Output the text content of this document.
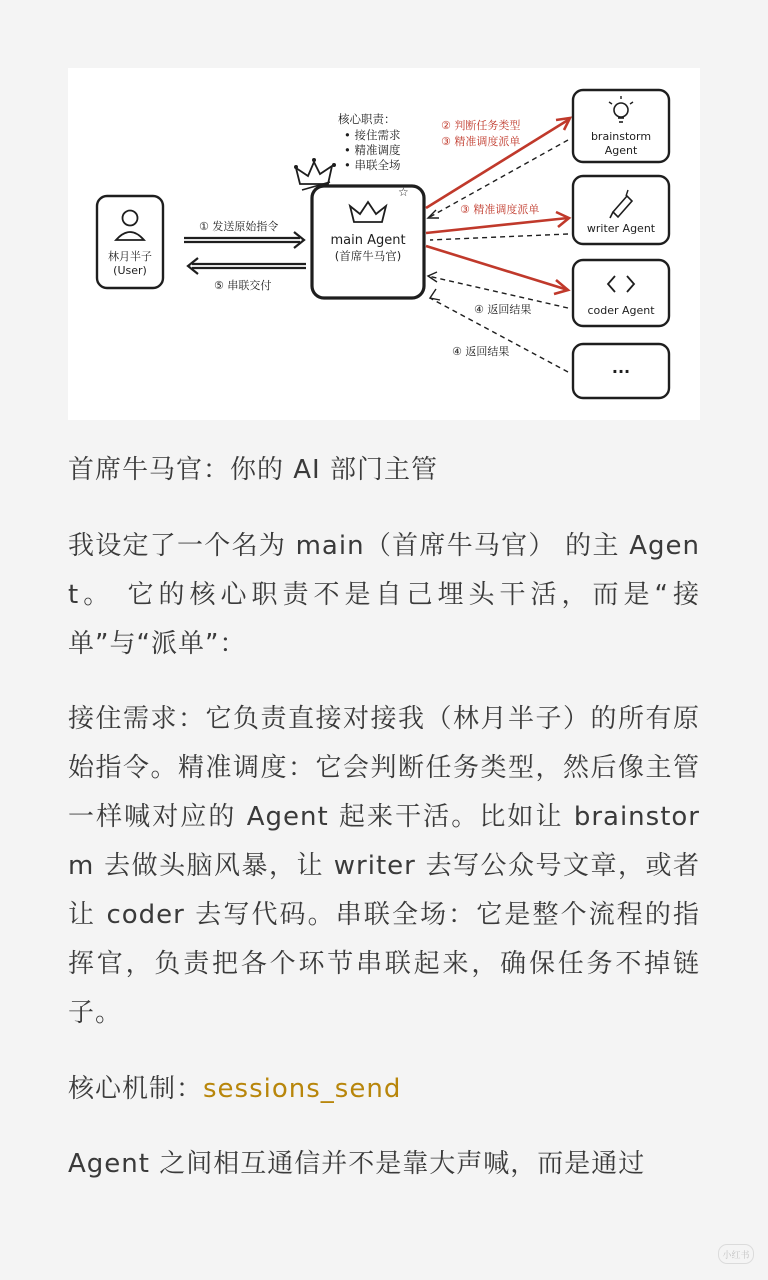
核心职责：
• 接住需求
• 精准调度
• 串联全场
林月半子
(User)
① 发送原始指令
⑤ 串联交付
☆
main Agent
(首席牛马官)
② 判断任务类型
③ 精准调度派单
③ 精准调度派单
④ 返回结果
④ 返回结果
brainstorm
Agent
writer Agent
coder Agent
...

首席牛马官：你的 AI 部门主管

我设定了一个名为 main（首席牛马官） 的主 Agent。 它的核心职责不是自己埋头干活，而是“接单”与“派单”：

接住需求：它负责直接对接我（林月半子）的所有原始指令。精准调度：它会判断任务类型，然后像主管一样喊对应的 Agent 起来干活。比如让 brainstorm 去做头脑风暴，让 writer 去写公众号文章，或者让 coder 去写代码。串联全场：它是整个流程的指挥官，负责把各个环节串联起来，确保任务不掉链子。

核心机制：sessions_send

Agent 之间相互通信并不是靠大声喊，而是通过

小红书
